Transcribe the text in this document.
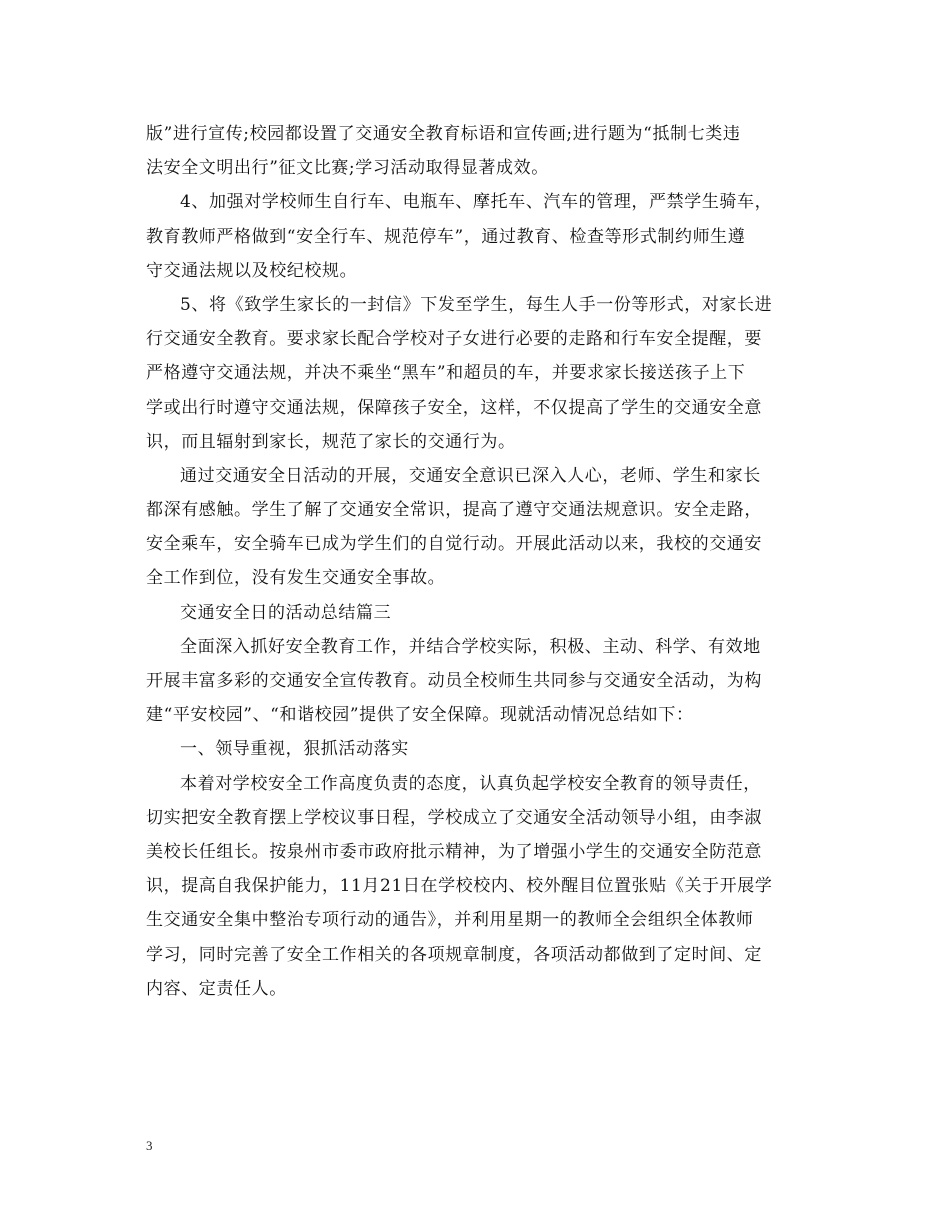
版”进行宣传;校园都设置了交通安全教育标语和宣传画;进行题为“抵制七类违
法安全文明出行”征文比赛;学习活动取得显著成效。
4、加强对学校师生自行车、电瓶车、摩托车、汽车的管理，严禁学生骑车，
教育教师严格做到“安全行车、规范停车”，通过教育、检查等形式制约师生遵
守交通法规以及校纪校规。
5、将《致学生家长的一封信》下发至学生，每生人手一份等形式，对家长进
行交通安全教育。要求家长配合学校对子女进行必要的走路和行车安全提醒，要
严格遵守交通法规，并决不乘坐“黑车”和超员的车，并要求家长接送孩子上下
学或出行时遵守交通法规，保障孩子安全，这样，不仅提高了学生的交通安全意
识，而且辐射到家长，规范了家长的交通行为。
通过交通安全日活动的开展，交通安全意识已深入人心，老师、学生和家长
都深有感触。学生了解了交通安全常识，提高了遵守交通法规意识。安全走路，
安全乘车，安全骑车已成为学生们的自觉行动。开展此活动以来，我校的交通安
全工作到位，没有发生交通安全事故。
交通安全日的活动总结篇三
全面深入抓好安全教育工作，并结合学校实际，积极、主动、科学、有效地
开展丰富多彩的交通安全宣传教育。动员全校师生共同参与交通安全活动，为构
建“平安校园”、“和谐校园”提供了安全保障。现就活动情况总结如下：
一、领导重视，狠抓活动落实
本着对学校安全工作高度负责的态度，认真负起学校安全教育的领导责任，
切实把安全教育摆上学校议事日程，学校成立了交通安全活动领导小组，由李淑
美校长任组长。按泉州市委市政府批示精神，为了增强小学生的交通安全防范意
识，提高自我保护能力，11月21日在学校校内、校外醒目位置张贴《关于开展学
生交通安全集中整治专项行动的通告》，并利用星期一的教师全会组织全体教师
学习，同时完善了安全工作相关的各项规章制度，各项活动都做到了定时间、定
内容、定责任人。

3
